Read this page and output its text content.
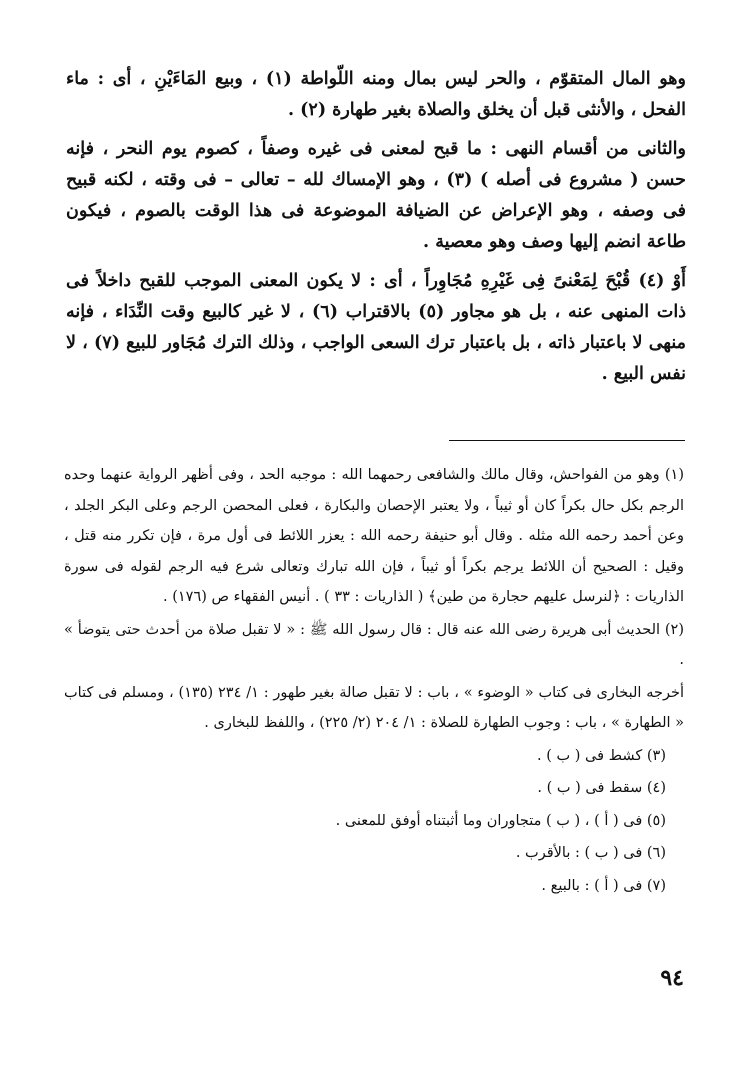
وهو المال المتقوّم ، والحر ليس بمال ومنه اللّواطة (١) ، وبيع المَاءَيْنِ ، أى : ماء الفحل ، والأنثى قبل أن يخلق والصلاة بغير طهارة (٢) .

والثانى من أقسام النهى : ما قبح لمعنى فى غيره وصفاً ، كصوم يوم النحر ، فإنه حسن ( مشروع فى أصله ) (٣) ، وهو الإمساك لله – تعالى – فى وقته ، لكنه قبيح فى وصفه ، وهو الإعراض عن الضيافة الموضوعة فى هذا الوقت بالصوم ، فيكون طاعة انضم إليها وصف وهو معصية .

أَوْ (٤) قُبْحَ لِمَعْنىً فِى غَيْرِهِ مُجَاوِراً ، أى : لا يكون المعنى الموجب للقبح داخلاً فى ذات المنهى عنه ، بل هو مجاور (٥) بالاقتراب (٦) ، لا غير كالبيع وقت النِّدَاء ، فإنه منهى لا باعتبار ذاته ، بل باعتبار ترك السعى الواجب ، وذلك الترك مُجَاور للبيع (٧) ، لا نفس البيع .

(١) وهو من الفواحش، وقال مالك والشافعى رحمهما الله : موجبه الحد ، وفى أظهر الرواية عنهما وحده الرجم بكل حال بكراً كان أو ثيباً ، ولا يعتبر الإحصان والبكارة ، فعلى المحصن الرجم وعلى البكر الجلد ، وعن أحمد رحمه الله مثله . وقال أبو حنيفة رحمه الله : يعزر اللائط فى أول مرة ، فإن تكرر منه قتل ، وقيل : الصحيح أن اللائط يرجم بكراً أو ثيباً ، فإن الله تبارك وتعالى شرع فيه الرجم لقوله فى سورة الذاريات : ﴿لنرسل عليهم حجارة من طين﴾ ( الذاريات : ٣٣ ) . أنيس الفقهاء ص (١٧٦) .

(٢) الحديث أبى هريرة رضى الله عنه قال : قال رسول الله ﷺ : « لا تقبل صلاة من أحدث حتى يتوضأ » .

أخرجه البخارى فى كتاب « الوضوء » ، باب : لا تقبل صالة بغير طهور : ١/ ٢٣٤ (١٣٥) ، ومسلم فى كتاب « الطهارة » ، باب : وجوب الطهارة للصلاة : ١/ ٢٠٤ (٢/ ٢٢٥) ، واللفظ للبخارى .

(٣) كشط فى ( ب ) .

(٤) سقط فى ( ب ) .

(٥) فى ( أ ) ، ( ب ) متجاوران وما أثبتناه أوفق للمعنى .

(٦) فى ( ب ) : بالأقرب .

(٧) فى ( أ ) : بالبيع .

٩٤
